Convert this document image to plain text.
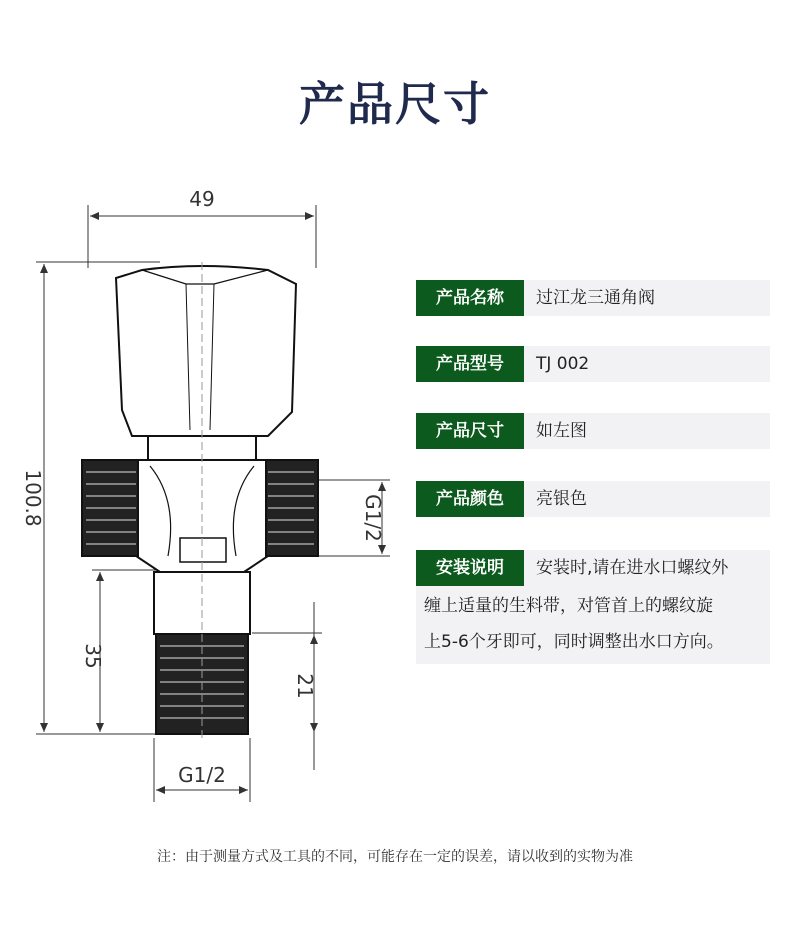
产品尺寸
49
100.8
35
G1/2
21
G1/2
产品名称	过江龙三通角阀
产品型号	TJ 002
产品尺寸	如左图
产品颜色	亮银色
安装说明	安装时,请在进水口螺纹外
缠上适量的生料带，对管首上的螺纹旋
上5-6个牙即可，同时调整出水口方向。
注：由于测量方式及工具的不同，可能存在一定的误差，请以收到的实物为准
